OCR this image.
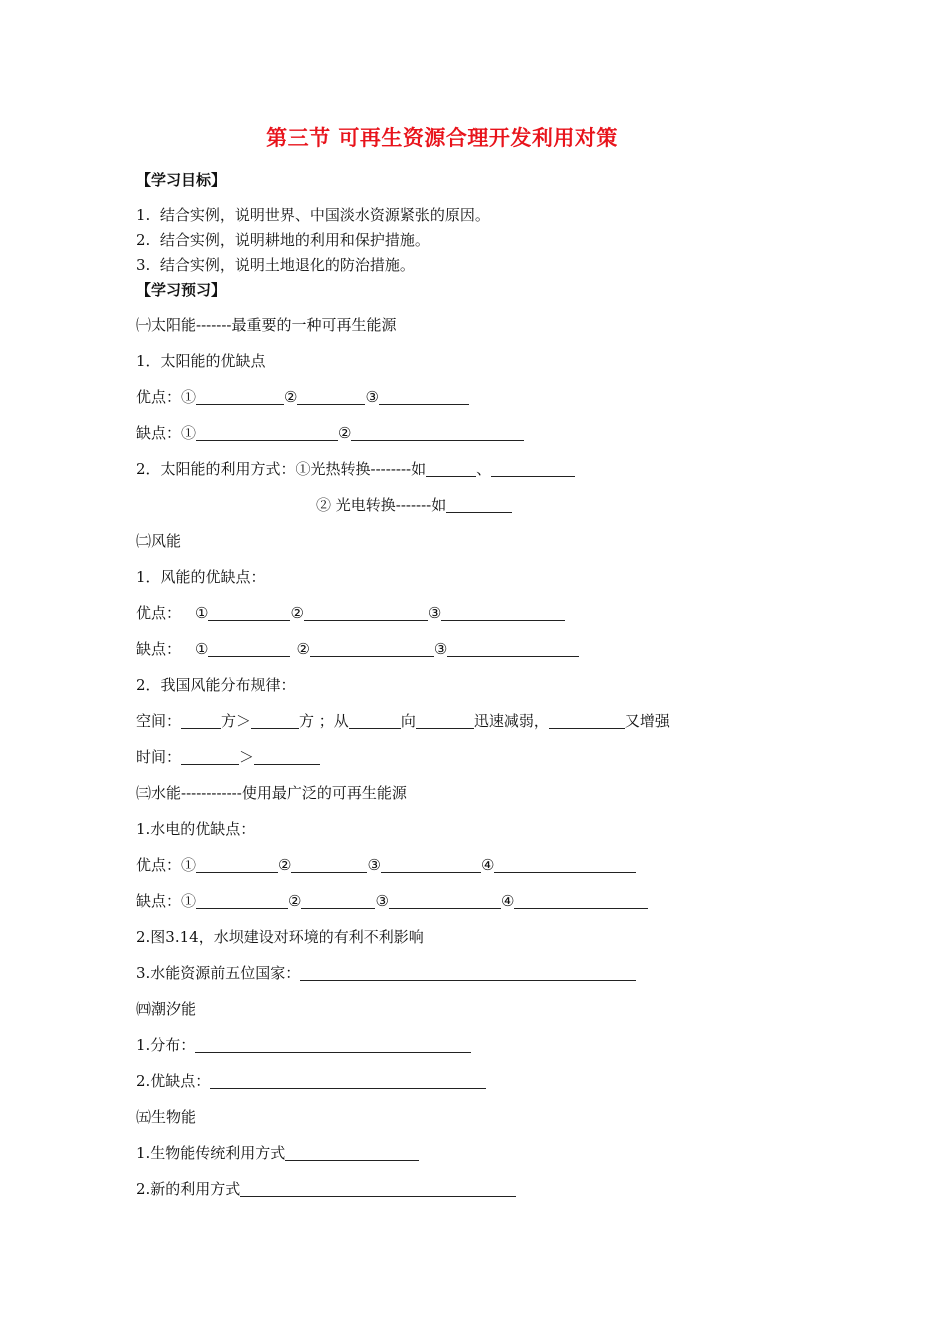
第三节 可再生资源合理开发利用对策
【学习目标】
1.  结合实例，说明世界、中国淡水资源紧张的原因。
2.  结合实例，说明耕地的利用和保护措施。
3.  结合实例，说明土地退化的防治措施。
【学习预习】
㈠太阳能-------最重要的一种可再生能源
1．太阳能的优缺点
优点：①	②	③
缺点：①	②
2．太阳能的利用方式：①光热转换--------如	、
② 光电转换-------如
㈡风能
1．风能的优缺点：
优点： ①	②	③
缺点： ①	②	③
2．我国风能分布规律：
空间：	方＞	方 ；从	向	迅速减弱，	又增强
时间：	＞
㈢水能------------使用最广泛的可再生能源
1.水电的优缺点：
优点：①	②	③	④
缺点：①	②	③	④
2.图3.14，水坝建设对环境的有利不利影响
3.水能资源前五位国家：
㈣潮汐能
1.分布：
2.优缺点：
㈤生物能
1.生物能传统利用方式
2.新的利用方式
